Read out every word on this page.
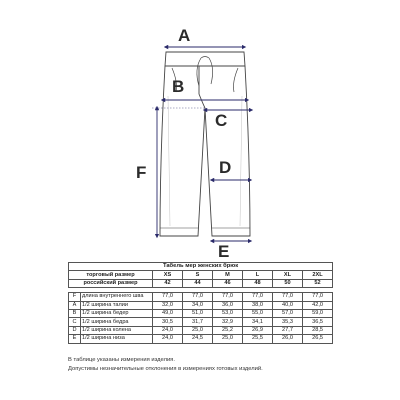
A
B
C
D
E
F
Табель мер женских брюк							
торговый размер		XS	S	M	L	XL	2XL
российский размер		42	44	46	48	50	52

F	длина внутреннего шва	77,0	77,0	77,0	77,0	77,0	77,0
A	1/2 ширина талии	32,0	34,0	36,0	38,0	40,0	42,0
B	1/2 ширина бедер	49,0	51,0	53,0	55,0	57,0	59,0
C	1/2 ширина бедра	30,5	31,7	32,9	34,1	35,3	36,5
D	1/2 ширина колена	24,0	25,0	25,2	26,9	27,7	28,5
E	1/2 ширина низа	24,0	24,5	25,0	25,5	26,0	26,5
В таблице указаны измерения изделия.
Допустимы незначительные отклонения в измерениях готовых изделий.
